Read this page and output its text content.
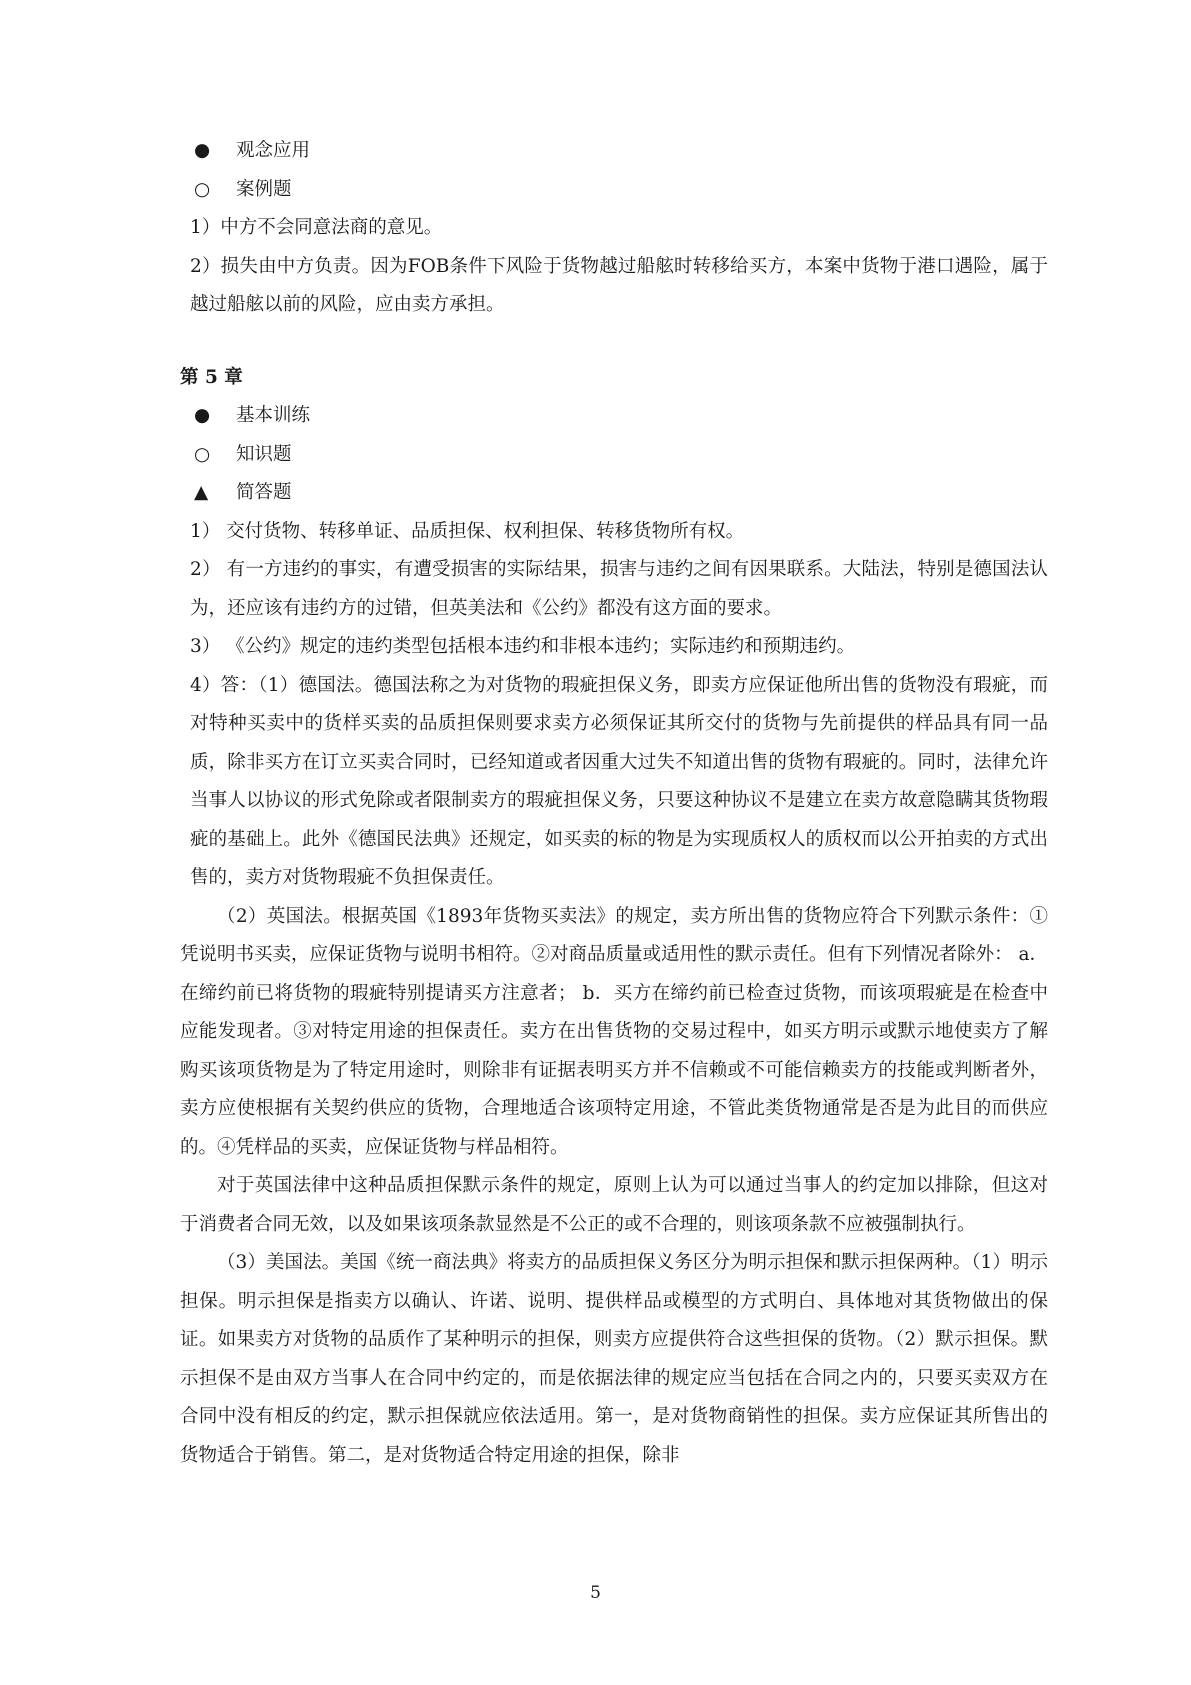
● 观念应用

○ 案例题

1）中方不会同意法商的意见。

2）损失由中方负责。因为FOB条件下风险于货物越过船舷时转移给买方，本案中货物于港口遇险，属于越过船舷以前的风险，应由卖方承担。

第 5 章

● 基本训练

○ 知识题

▲ 简答题

1） 交付货物、转移单证、品质担保、权利担保、转移货物所有权。

2） 有一方违约的事实，有遭受损害的实际结果，损害与违约之间有因果联系。大陆法，特别是德国法认为，还应该有违约方的过错，但英美法和《公约》都没有这方面的要求。

3） 《公约》规定的违约类型包括根本违约和非根本违约；实际违约和预期违约。

4）答：（1）德国法。德国法称之为对货物的瑕疵担保义务，即卖方应保证他所出售的货物没有瑕疵，而对特种买卖中的货样买卖的品质担保则要求卖方必须保证其所交付的货物与先前提供的样品具有同一品质，除非买方在订立买卖合同时，已经知道或者因重大过失不知道出售的货物有瑕疵的。同时，法律允许当事人以协议的形式免除或者限制卖方的瑕疵担保义务，只要这种协议不是建立在卖方故意隐瞒其货物瑕疵的基础上。此外《德国民法典》还规定，如买卖的标的物是为实现质权人的质权而以公开拍卖的方式出售的，卖方对货物瑕疵不负担保责任。

（2）英国法。根据英国《1893年货物买卖法》的规定，卖方所出售的货物应符合下列默示条件：①凭说明书买卖，应保证货物与说明书相符。②对商品质量或适用性的默示责任。但有下列情况者除外： a．在缔约前已将货物的瑕疵特别提请买方注意者； b．买方在缔约前已检查过货物，而该项瑕疵是在检查中应能发现者。③对特定用途的担保责任。卖方在出售货物的交易过程中，如买方明示或默示地使卖方了解购买该项货物是为了特定用途时，则除非有证据表明买方并不信赖或不可能信赖卖方的技能或判断者外，卖方应使根据有关契约供应的货物，合理地适合该项特定用途，不管此类货物通常是否是为此目的而供应的。④凭样品的买卖，应保证货物与样品相符。

对于英国法律中这种品质担保默示条件的规定，原则上认为可以通过当事人的约定加以排除，但这对于消费者合同无效，以及如果该项条款显然是不公正的或不合理的，则该项条款不应被强制执行。

（3）美国法。美国《统一商法典》将卖方的品质担保义务区分为明示担保和默示担保两种。（1）明示担保。明示担保是指卖方以确认、许诺、说明、提供样品或模型的方式明白、具体地对其货物做出的保证。如果卖方对货物的品质作了某种明示的担保，则卖方应提供符合这些担保的货物。（2）默示担保。默示担保不是由双方当事人在合同中约定的，而是依据法律的规定应当包括在合同之内的，只要买卖双方在合同中没有相反的约定，默示担保就应依法适用。第一，是对货物商销性的担保。卖方应保证其所售出的货物适合于销售。第二，是对货物适合特定用途的担保，除非

5
